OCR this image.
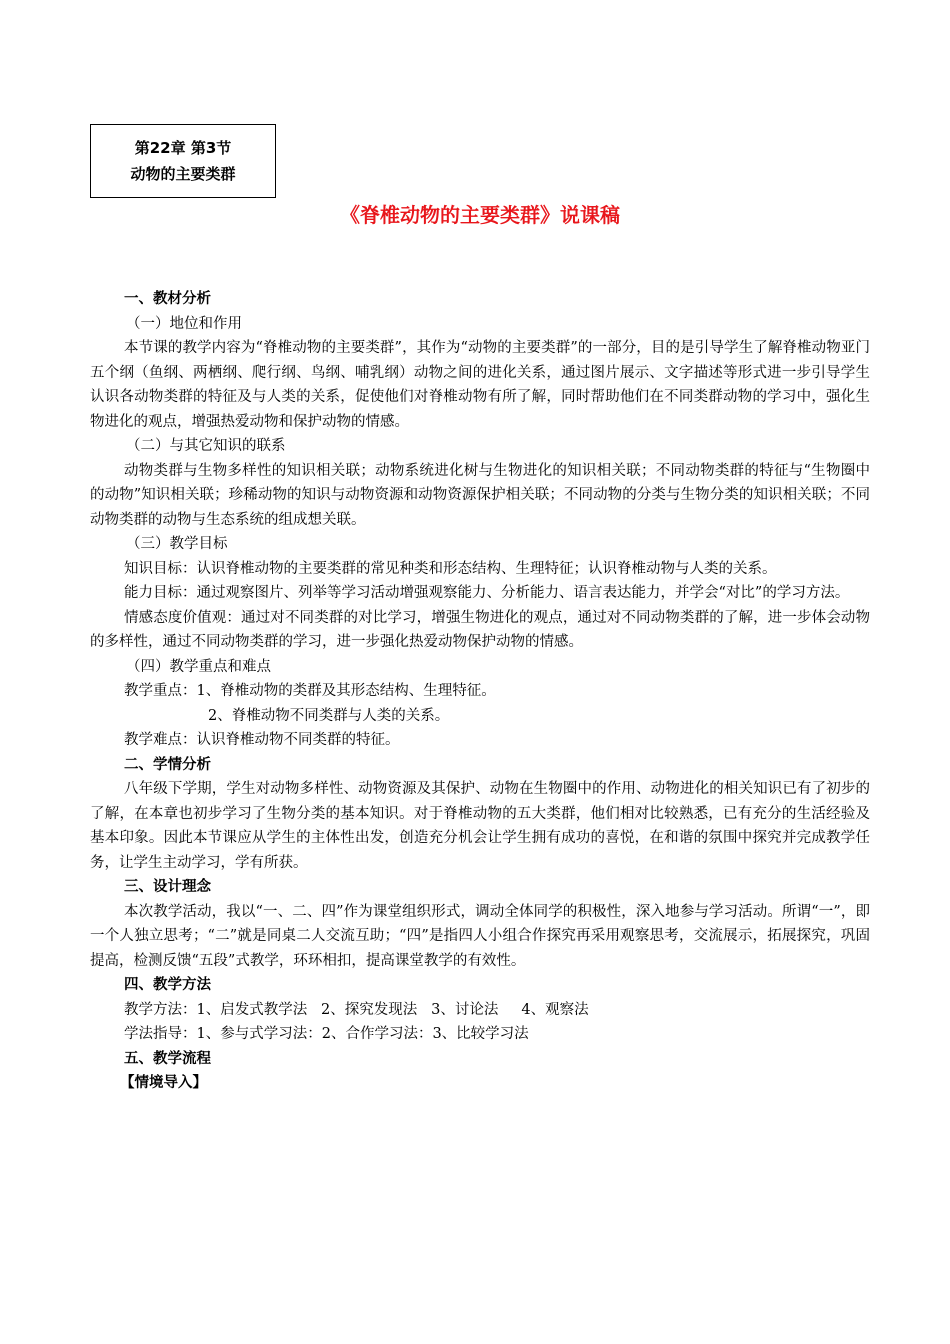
第22章 第3节
动物的主要类群
《脊椎动物的主要类群》说课稿

一、教材分析

（一）地位和作用

本节课的教学内容为“脊椎动物的主要类群”，其作为“动物的主要类群”的一部分，目的是引导学生了解脊椎动物亚门五个纲（鱼纲、两栖纲、爬行纲、鸟纲、哺乳纲）动物之间的进化关系，通过图片展示、文字描述等形式进一步引导学生认识各动物类群的特征及与人类的关系，促使他们对脊椎动物有所了解，同时帮助他们在不同类群动物的学习中，强化生物进化的观点，增强热爱动物和保护动物的情感。

（二）与其它知识的联系

动物类群与生物多样性的知识相关联；动物系统进化树与生物进化的知识相关联；不同动物类群的特征与“生物圈中的动物”知识相关联；珍稀动物的知识与动物资源和动物资源保护相关联；不同动物的分类与生物分类的知识相关联；不同动物类群的动物与生态系统的组成想关联。

（三）教学目标

知识目标：认识脊椎动物的主要类群的常见种类和形态结构、生理特征；认识脊椎动物与人类的关系。

能力目标：通过观察图片、列举等学习活动增强观察能力、分析能力、语言表达能力，并学会“对比”的学习方法。

情感态度价值观：通过对不同类群的对比学习，增强生物进化的观点，通过对不同动物类群的了解，进一步体会动物 的多样性，通过不同动物类群的学习，进一步强化热爱动物保护动物的情感。

（四）教学重点和难点

教学重点：1、脊椎动物的类群及其形态结构、生理特征。

2、脊椎动物不同类群与人类的关系。

教学难点：认识脊椎动物不同类群的特征。

二、学情分析

八年级下学期，学生对动物多样性、动物资源及其保护、动物在生物圈中的作用、动物进化的相关知识已有了初步的了解，在本章也初步学习了生物分类的基本知识。对于脊椎动物的五大类群，他们相对比较熟悉，已有充分的生活经验及基本印象。因此本节课应从学生的主体性出发，创造充分机会让学生拥有成功的喜悦，在和谐的氛围中探究并完成教学任务，让学生主动学习，学有所获。

三、设计理念

本次教学活动，我以“一、二、四”作为课堂组织形式，调动全体同学的积极性，深入地参与学习活动。所谓“一”，即一个人独立思考；“二”就是同桌二人交流互助；“四”是指四人小组合作探究再采用观察思考，交流展示，拓展探究，巩固提高，检测反馈“五段”式教学，环环相扣，提高课堂教学的有效性。

四、教学方法

教学方法：1、启发式教学法   2、探究发现法   3、讨论法     4、观察法

学法指导：1、参与式学习法：2、合作学习法：3、比较学习法

五、教学流程

【情境导入】
